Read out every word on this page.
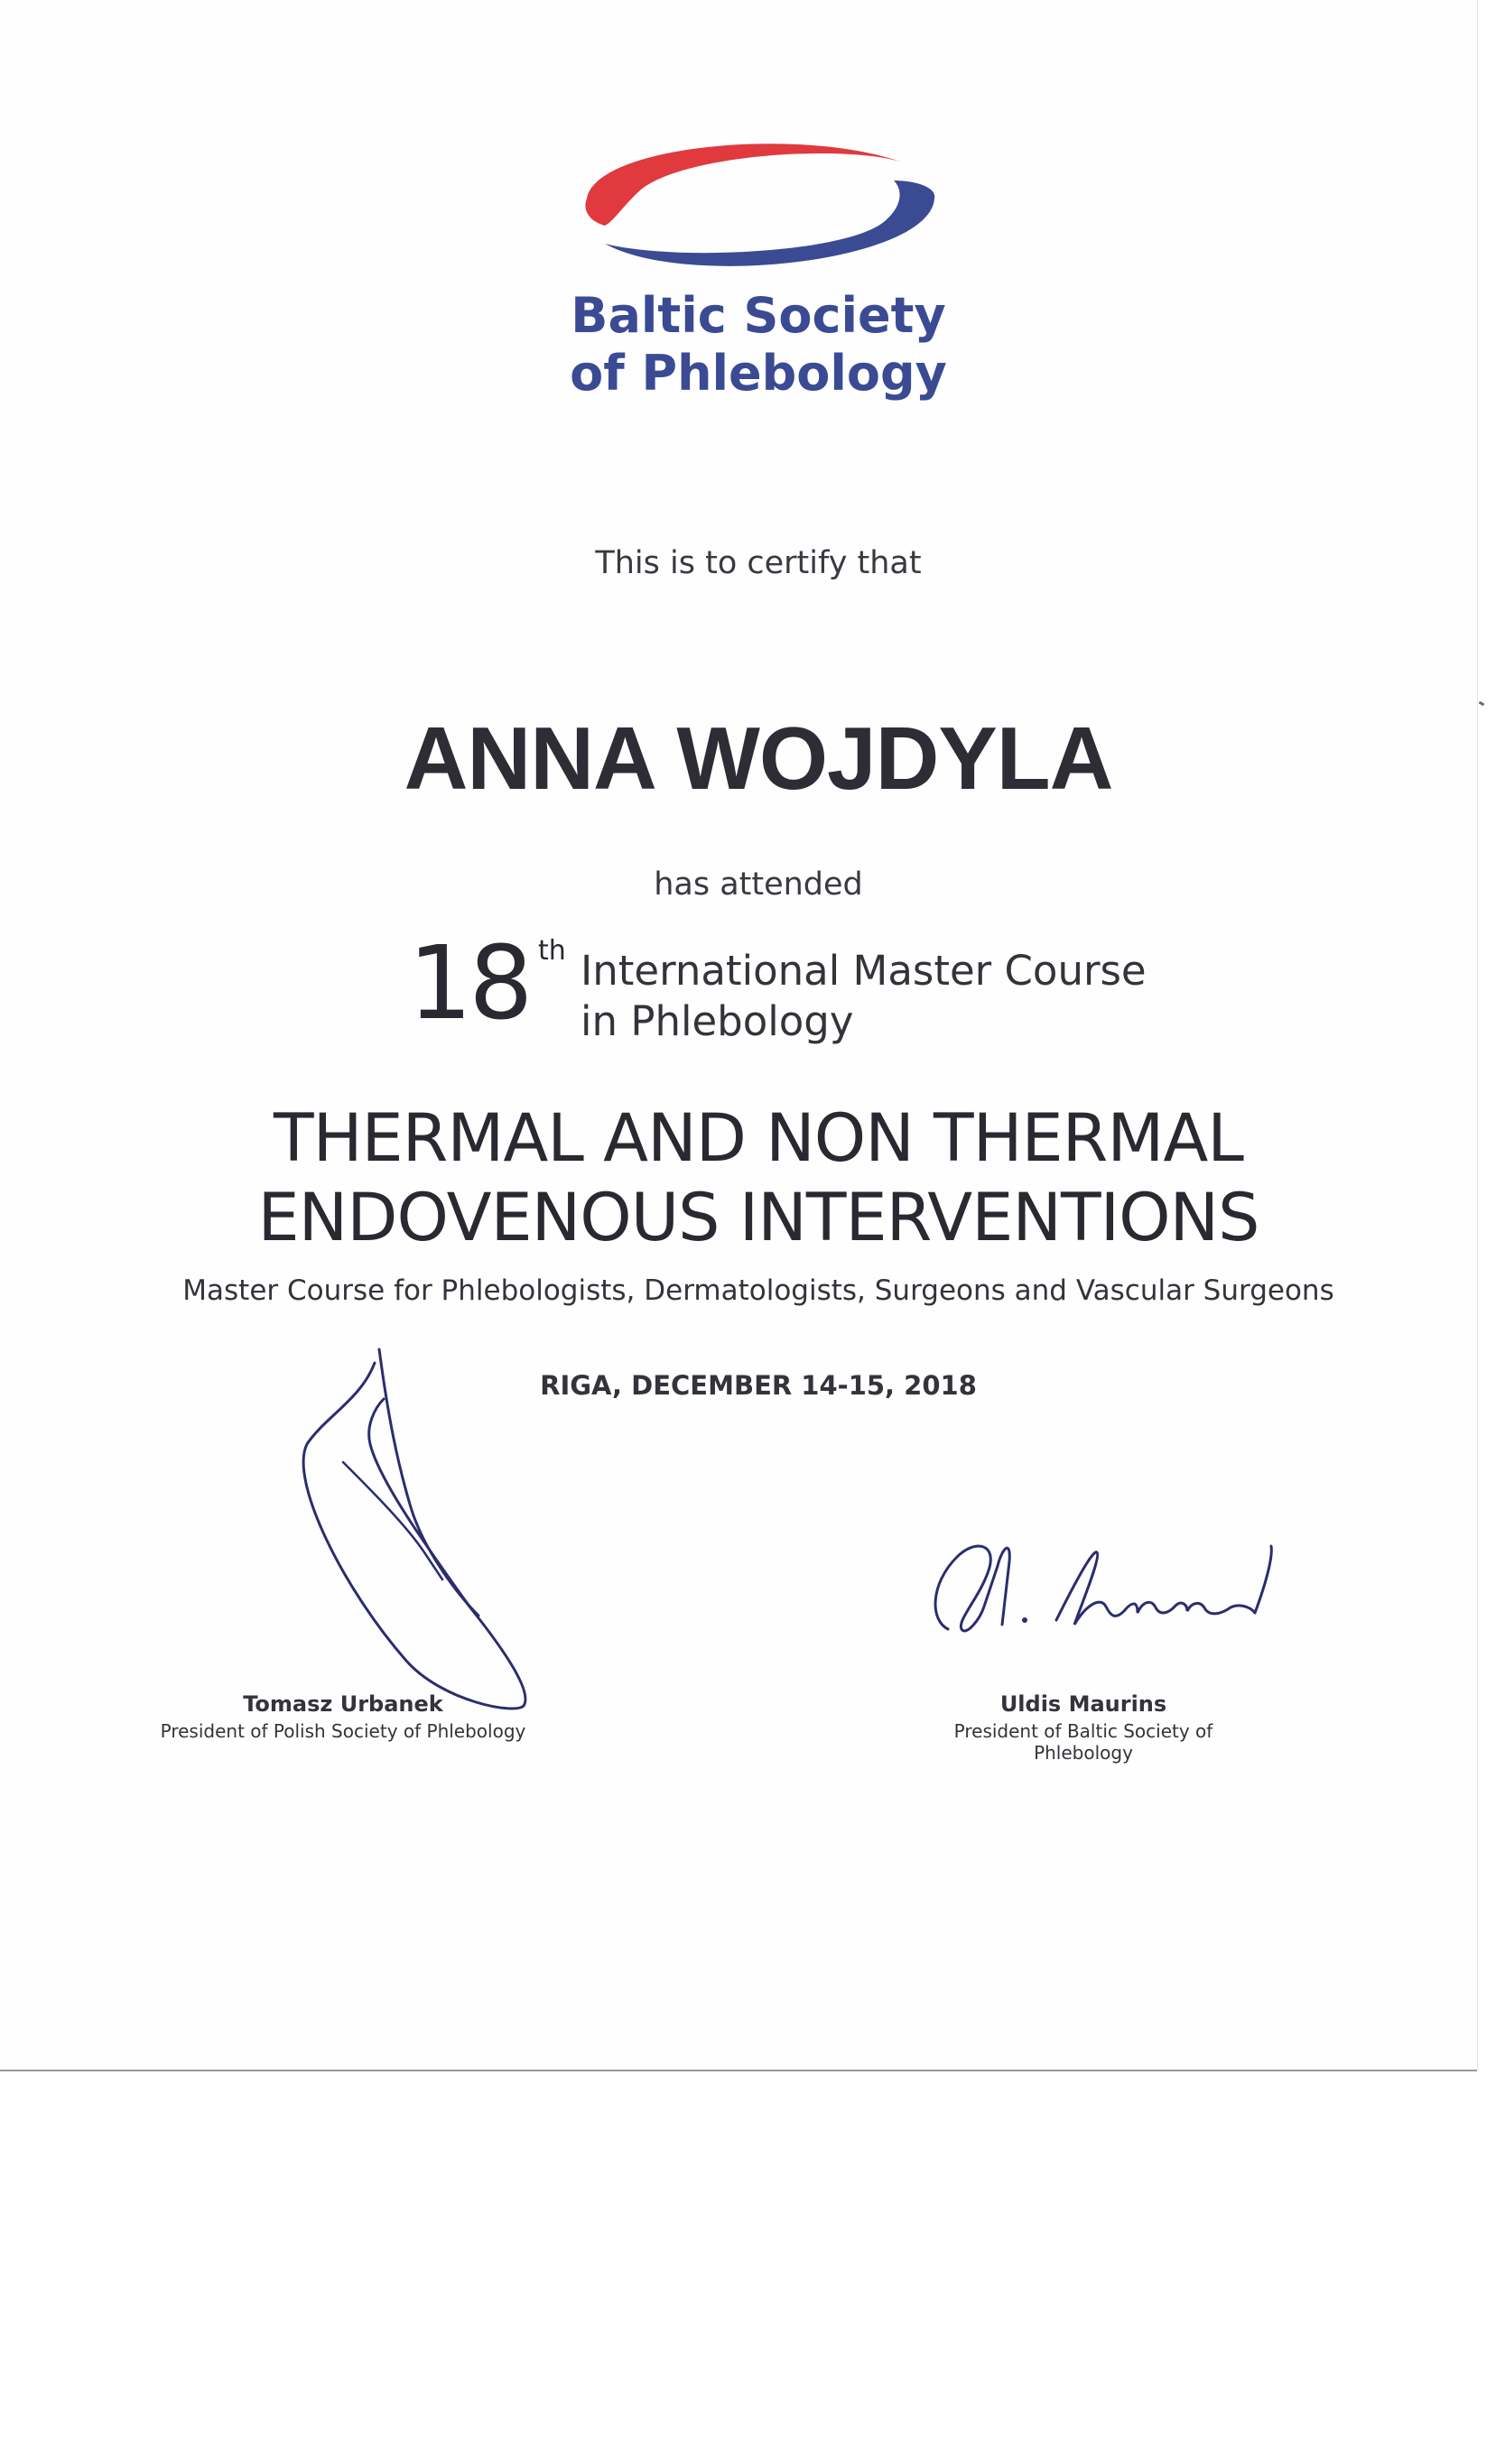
Baltic Society
of Phlebology
This is to certify that
ANNA WOJDYLA
has attended
18 th International Master Course
in Phlebology
THERMAL AND NON THERMAL
ENDOVENOUS INTERVENTIONS
Master Course for Phlebologists, Dermatologists, Surgeons and Vascular Surgeons
RIGA, DECEMBER 14-15, 2018
Tomasz Urbanek
President of Polish Society of Phlebology
Uldis Maurins
President of Baltic Society of Phlebology
